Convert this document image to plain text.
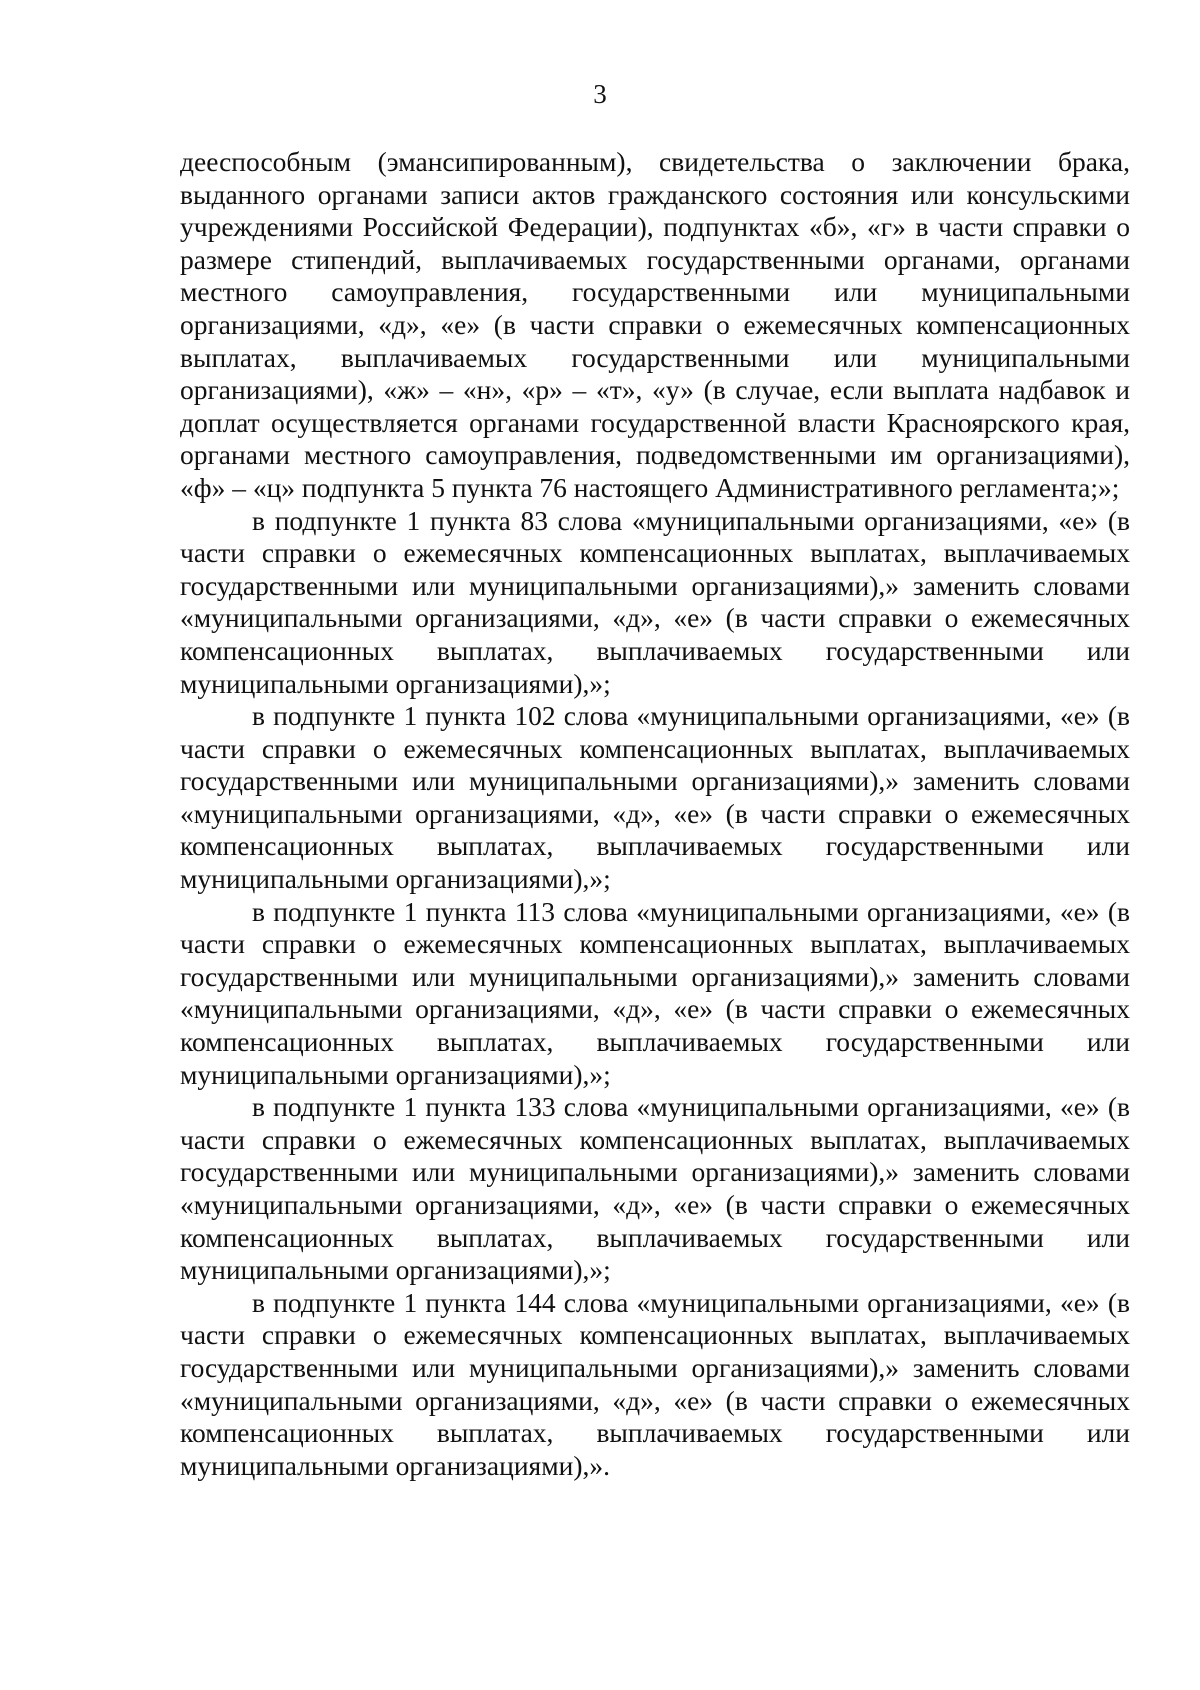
3

дееспособным (эмансипированным), свидетельства о заключении брака, выданного органами записи актов гражданского состояния или консульскими учреждениями Российской Федерации), подпунктах «б», «г» в части справки о размере стипендий, выплачиваемых государственными органами, органами местного самоуправления, государственными или муниципальными организациями, «д», «е» (в части справки о ежемесячных компенсационных выплатах, выплачиваемых государственными или муниципальными организациями), «ж» – «н», «р» – «т», «у» (в случае, если выплата надбавок и доплат осуществляется органами государственной власти Красноярского края, органами местного самоуправления, подведомственными им организациями), «ф» – «ц» подпункта 5 пункта 76 настоящего Административного регламента;»;

в подпункте 1 пункта 83 слова «муниципальными организациями, «е» (в части справки о ежемесячных компенсационных выплатах, выплачиваемых государственными или муниципальными организациями),» заменить словами «муниципальными организациями, «д», «е» (в части справки о ежемесячных компенсационных выплатах, выплачиваемых государственными или муниципальными организациями),»;

в подпункте 1 пункта 102 слова «муниципальными организациями, «е» (в части справки о ежемесячных компенсационных выплатах, выплачиваемых государственными или муниципальными организациями),» заменить словами «муниципальными организациями, «д», «е» (в части справки о ежемесячных компенсационных выплатах, выплачиваемых государственными или муниципальными организациями),»;

в подпункте 1 пункта 113 слова «муниципальными организациями, «е» (в части справки о ежемесячных компенсационных выплатах, выплачиваемых государственными или муниципальными организациями),» заменить словами «муниципальными организациями, «д», «е» (в части справки о ежемесячных компенсационных выплатах, выплачиваемых государственными или муниципальными организациями),»;

в подпункте 1 пункта 133 слова «муниципальными организациями, «е» (в части справки о ежемесячных компенсационных выплатах, выплачиваемых государственными или муниципальными организациями),» заменить словами «муниципальными организациями, «д», «е» (в части справки о ежемесячных компенсационных выплатах, выплачиваемых государственными или муниципальными организациями),»;

в подпункте 1 пункта 144 слова «муниципальными организациями, «е» (в части справки о ежемесячных компенсационных выплатах, выплачиваемых государственными или муниципальными организациями),» заменить словами «муниципальными организациями, «д», «е» (в части справки о ежемесячных компенсационных выплатах, выплачиваемых государственными или муниципальными организациями),».
